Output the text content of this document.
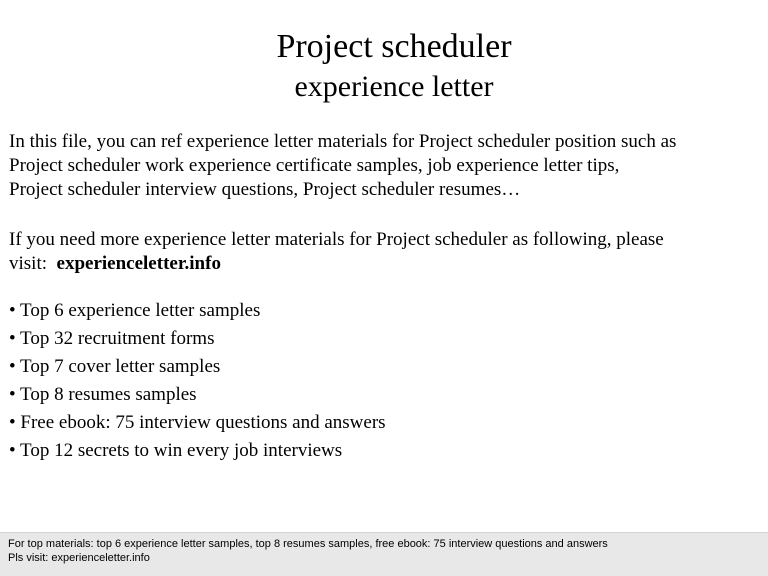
Project scheduler
experience letter

In this file, you can ref experience letter materials for Project scheduler position such as
Project scheduler work experience certificate samples, job experience letter tips,
Project scheduler interview questions, Project scheduler resumes…

If you need more experience letter materials for Project scheduler as following, please
visit: experienceletter.info

• Top 6 experience letter samples
• Top 32 recruitment forms
• Top 7 cover letter samples
• Top 8 resumes samples
• Free ebook: 75 interview questions and answers
• Top 12 secrets to win every job interviews
For top materials: top 6 experience letter samples, top 8 resumes samples, free ebook: 75 interview questions and answers
Pls visit: experienceletter.info
